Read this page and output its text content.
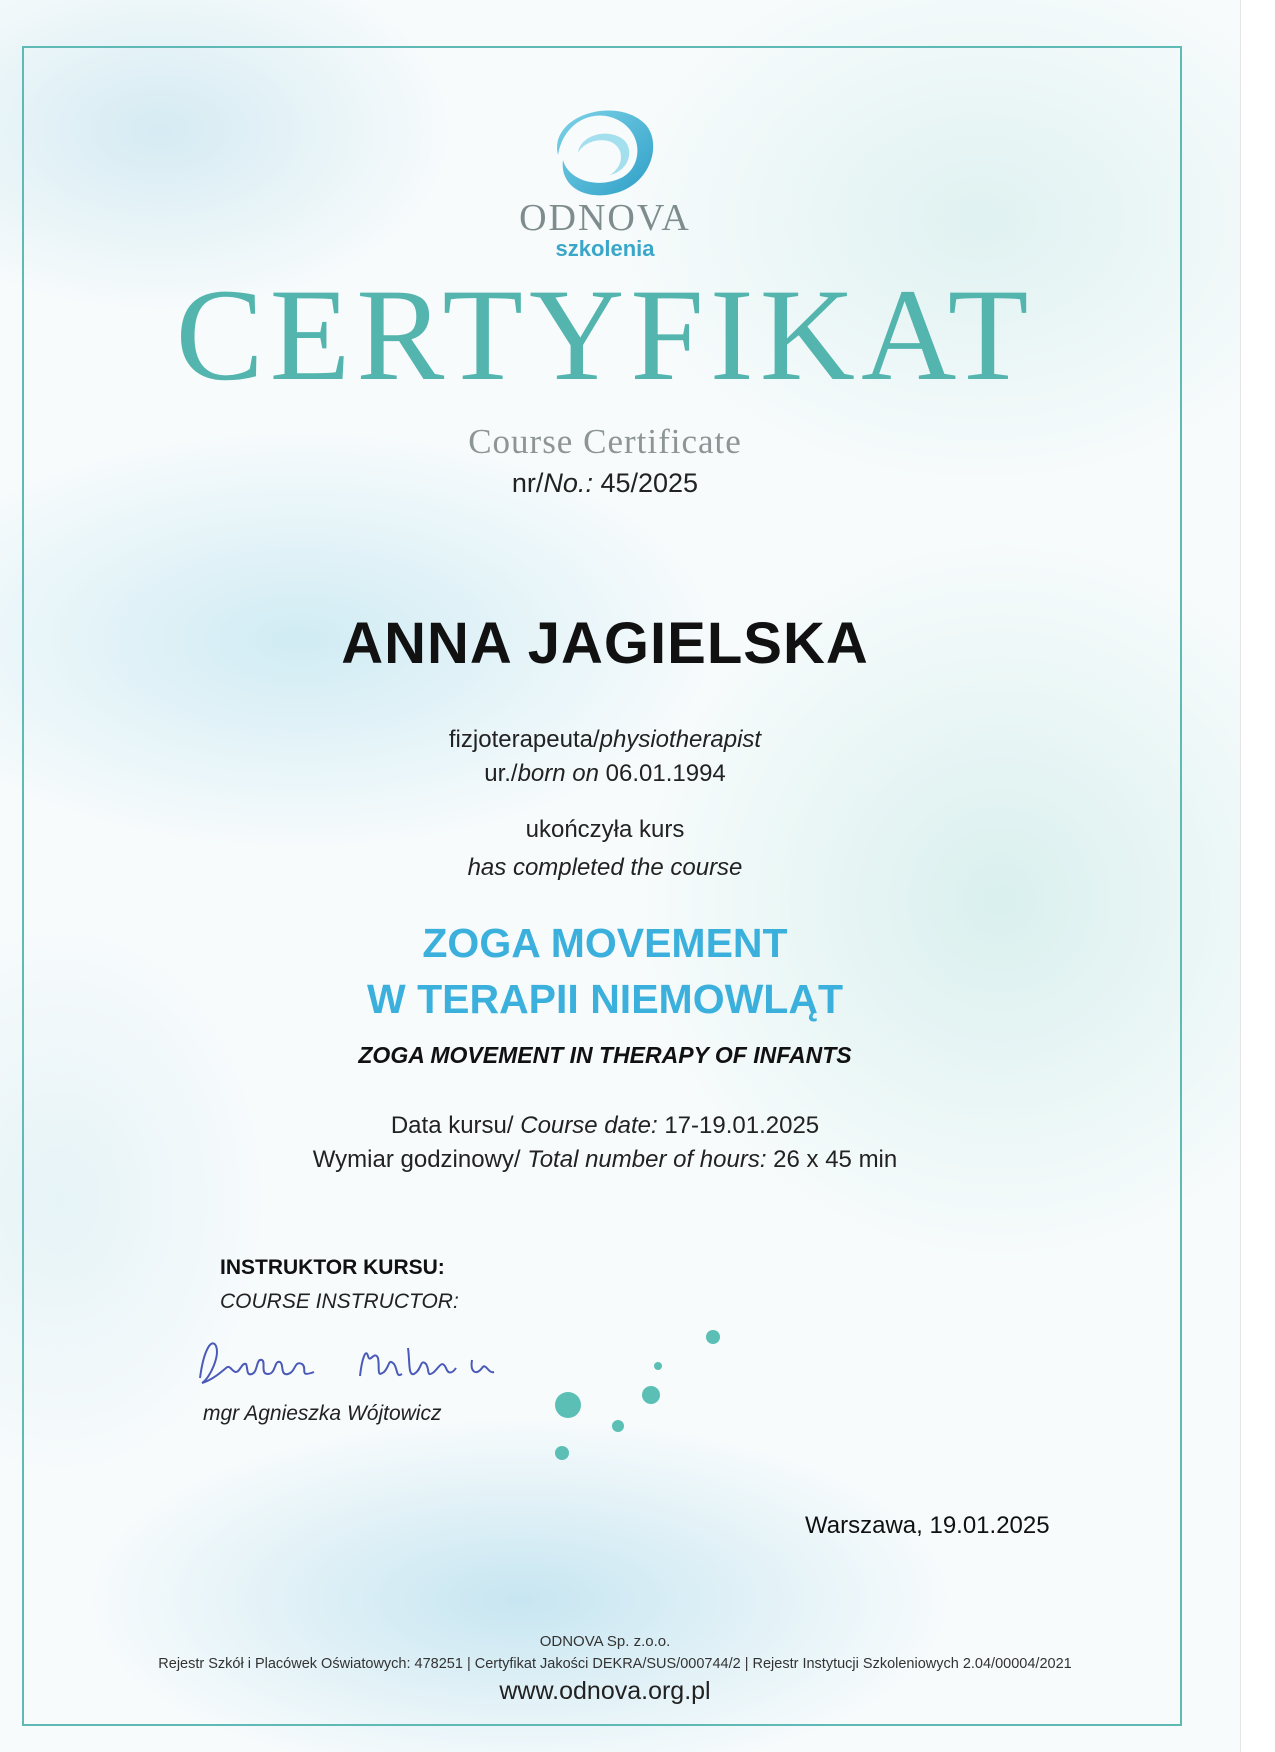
ODNOVA
szkolenia
CERTYFIKAT
Course Certificate
nr/No.: 45/2025
ANNA JAGIELSKA
fizjoterapeuta/physiotherapist
ur./born on 06.01.1994
ukończyła kurs
has completed the course
ZOGA MOVEMENT
W TERAPII NIEMOWLĄT
ZOGA MOVEMENT IN THERAPY OF INFANTS
Data kursu/ Course date: 17-19.01.2025
Wymiar godzinowy/ Total number of hours: 26 x 45 min
INSTRUKTOR KURSU:
COURSE INSTRUCTOR:
mgr Agnieszka Wójtowicz
Warszawa, 19.01.2025
ODNOVA Sp. z.o.o.
Rejestr Szkół i Placówek Oświatowych: 478251 | Certyfikat Jakości DEKRA/SUS/000744/2 | Rejestr Instytucji Szkoleniowych 2.04/00004/2021
www.odnova.org.pl
